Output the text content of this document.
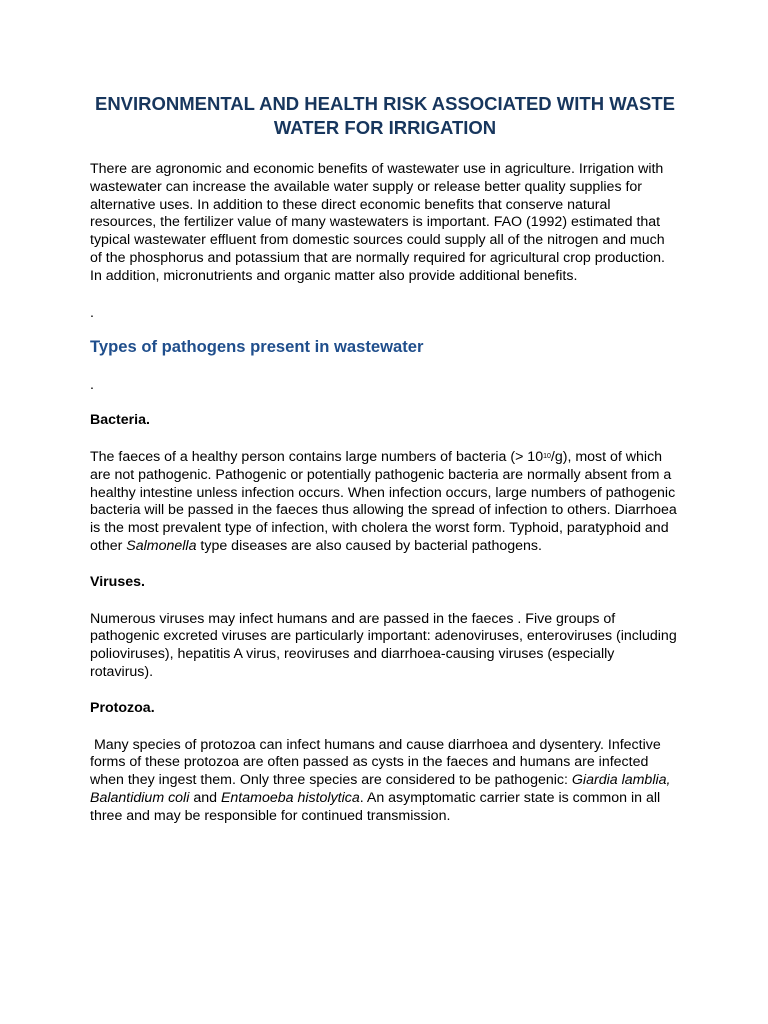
ENVIRONMENTAL AND HEALTH RISK ASSOCIATED WITH WASTE WATER FOR IRRIGATION

There are agronomic and economic benefits of wastewater use in agriculture. Irrigation with wastewater can increase the available water supply or release better quality supplies for alternative uses. In addition to these direct economic benefits that conserve natural resources, the fertilizer value of many wastewaters is important. FAO (1992) estimated that typical wastewater effluent from domestic sources could supply all of the nitrogen and much of the phosphorus and potassium that are normally required for agricultural crop production. In addition, micronutrients and organic matter also provide additional benefits.

.

Types of pathogens present in wastewater

.

Bacteria.

The faeces of a healthy person contains large numbers of bacteria (> $10^{10}/g$), most of which are not pathogenic. Pathogenic or potentially pathogenic bacteria are normally absent from a healthy intestine unless infection occurs. When infection occurs, large numbers of pathogenic bacteria will be passed in the faeces thus allowing the spread of infection to others. Diarrhoea is the most prevalent type of infection, with cholera the worst form. Typhoid, paratyphoid and other Salmonella type diseases are also caused by bacterial pathogens.

Viruses.

Numerous viruses may infect humans and are passed in the faeces . Five groups of pathogenic excreted viruses are particularly important: adenoviruses, enteroviruses (including polioviruses), hepatitis A virus, reoviruses and diarrhoea-causing viruses (especially rotavirus).

Protozoa.

Many species of protozoa can infect humans and cause diarrhoea and dysentery. Infective forms of these protozoa are often passed as cysts in the faeces and humans are infected when they ingest them. Only three species are considered to be pathogenic: Giardia lamblia, Balantidium coli and Entamoeba histolytica. An asymptomatic carrier state is common in all three and may be responsible for continued transmission.
